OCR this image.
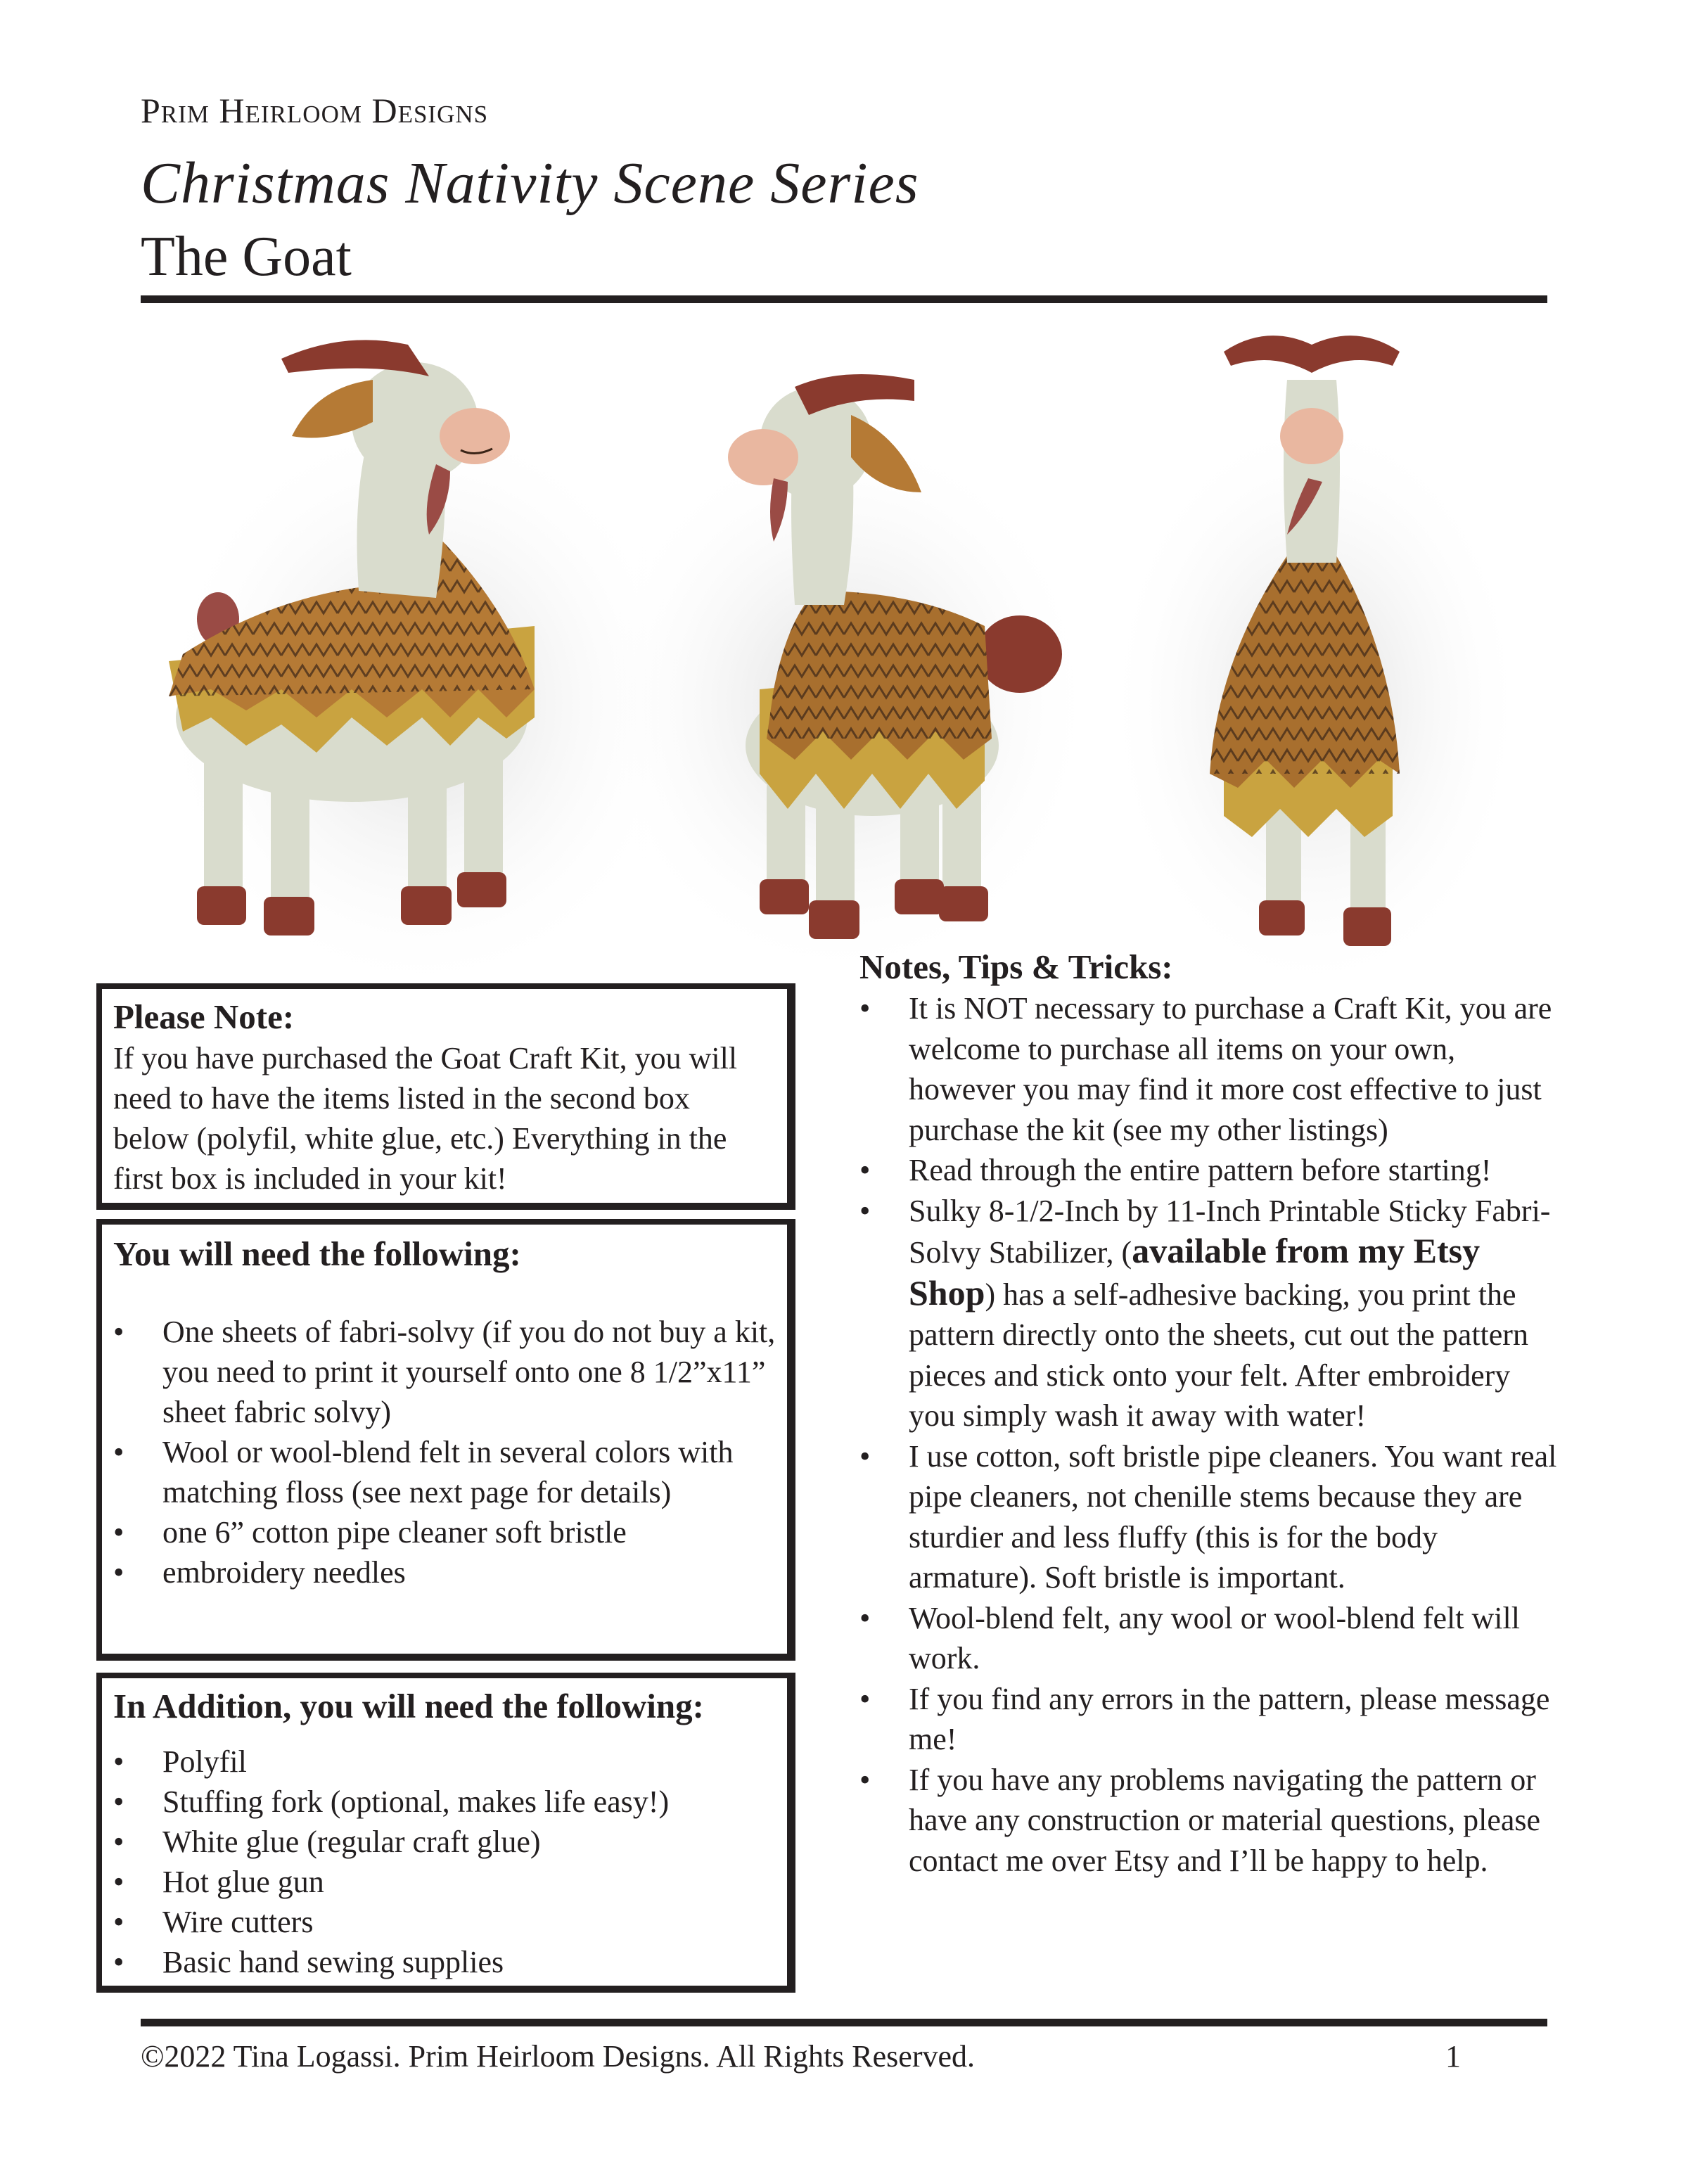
Prim Heirloom Designs
Christmas Nativity Scene Series
The Goat
Please Note:

If you have purchased the Goat Craft Kit, you will

need to have the items listed in the second box

below (polyfil, white glue, etc.) Everything in the

first box is included in your kit!

You will need the following:
• One sheets of fabri-solvy (if you do not buy a kit, you need to print it yourself onto one 8 1/2”x11” sheet fabric solvy)
• Wool or wool-blend felt in several colors with matching floss (see next page for details)
• one 6” cotton pipe cleaner soft bristle
• embroidery needles
In Addition, you will need the following:
• Polyfil
• Stuffing fork (optional, makes life easy!)
• White glue (regular craft glue)
• Hot glue gun
• Wire cutters
• Basic hand sewing supplies
Notes, Tips & Tricks:
• It is NOT necessary to purchase a Craft Kit, you are welcome to purchase all items on your own, however you may find it more cost effective to just purchase the kit (see my other listings)
• Read through the entire pattern before starting!
• Sulky 8-1/2-Inch by 11-Inch Printable Sticky Fabri-Solvy Stabilizer, (available from my Etsy Shop) has a self-adhesive backing, you print the pattern directly onto the sheets, cut out the pattern pieces and stick onto your felt. After embroidery you simply wash it away with water!
• I use cotton, soft bristle pipe cleaners. You want real pipe cleaners, not chenille stems because they are sturdier and less fluffy (this is for the body armature). Soft bristle is important.
• Wool-blend felt, any wool or wool-blend felt will work.
• If you find any errors in the pattern, please message me!
• If you have any problems navigating the pattern or have any construction or material questions, please contact me over Etsy and I’ll be happy to help.
©2022 Tina Logassi. Prim Heirloom Designs. All Rights Reserved.	1
